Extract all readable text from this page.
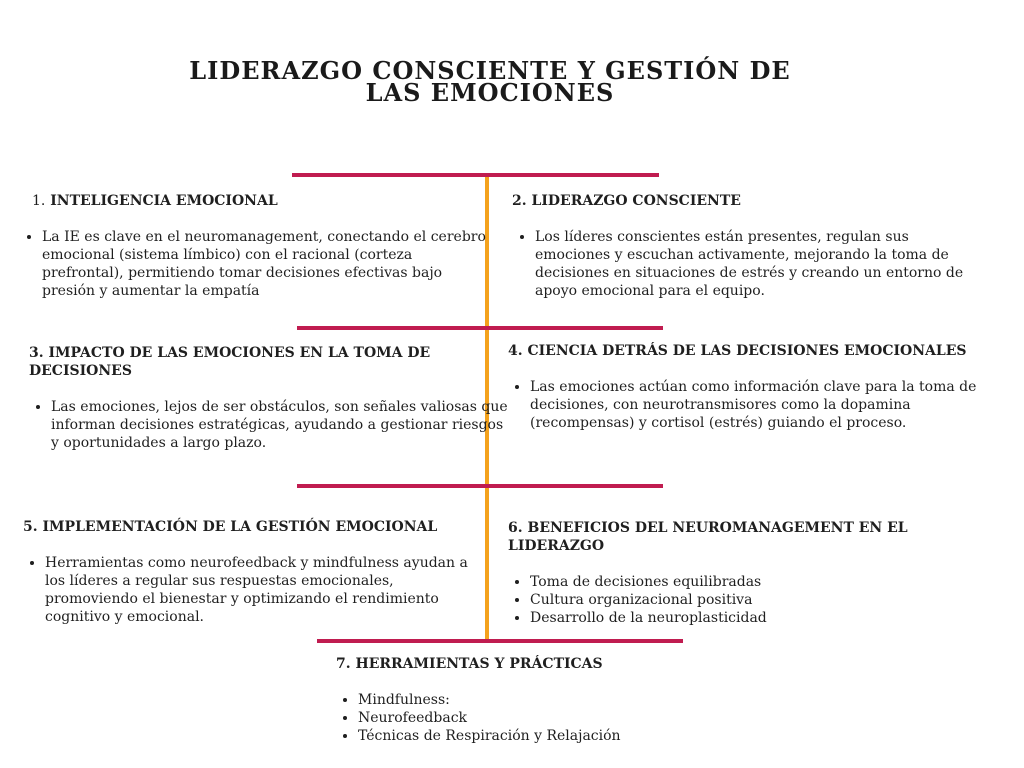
LIDERAZGO CONSCIENTE Y GESTIÓN DE
LAS EMOCIONES
1. INTELIGENCIA EMOCIONAL
• La IE es clave en el neuromanagement, conectando el cerebro emocional (sistema límbico) con el racional (corteza prefrontal), permitiendo tomar decisiones efectivas bajo presión y aumentar la empatía
2. LIDERAZGO CONSCIENTE
• Los líderes conscientes están presentes, regulan sus emociones y escuchan activamente, mejorando la toma de decisiones en situaciones de estrés y creando un entorno de apoyo emocional para el equipo.
3. IMPACTO DE LAS EMOCIONES EN LA TOMA DE DECISIONES
• Las emociones, lejos de ser obstáculos, son señales valiosas que informan decisiones estratégicas, ayudando a gestionar riesgos y oportunidades a largo plazo.
4. CIENCIA DETRÁS DE LAS DECISIONES EMOCIONALES
• Las emociones actúan como información clave para la toma de decisiones, con neurotransmisores como la dopamina (recompensas) y cortisol (estrés) guiando el proceso.
5. IMPLEMENTACIÓN DE LA GESTIÓN EMOCIONAL
• Herramientas como neurofeedback y mindfulness ayudan a los líderes a regular sus respuestas emocionales, promoviendo el bienestar y optimizando el rendimiento cognitivo y emocional.
6. BENEFICIOS DEL NEUROMANAGEMENT EN EL LIDERAZGO
• Toma de decisiones equilibradas
• Cultura organizacional positiva
• Desarrollo de la neuroplasticidad
7. HERRAMIENTAS Y PRÁCTICAS
• Mindfulness:
• Neurofeedback
• Técnicas de Respiración y Relajación
